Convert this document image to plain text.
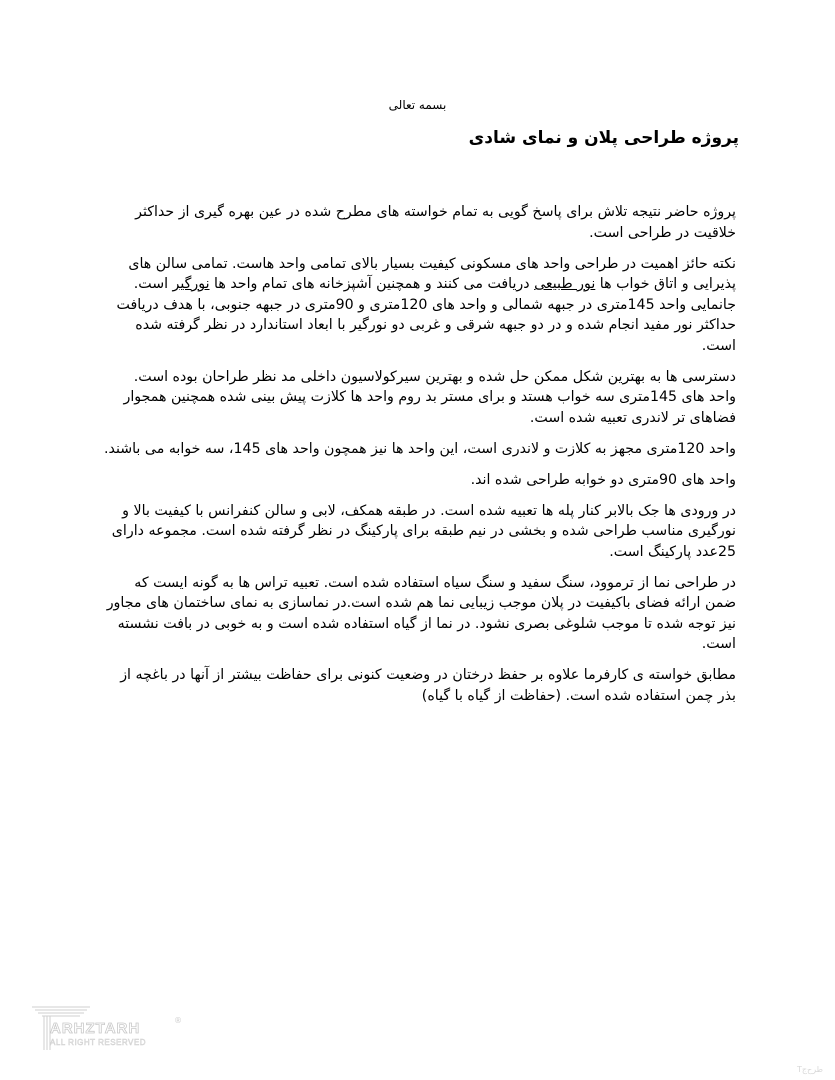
بسمه تعالی
پروژه طراحی پلان و نمای شادی

پروژه حاضر نتیجه تلاش برای پاسخ گویی به تمام خواسته های مطرح شده در عین بهره گیری از حداکثر خلاقیت در طراحی است.

نکته حائز اهمیت در طراحی واحد های مسکونی کیفیت بسیار بالای تمامی واحد هاست. تمامی سالن های پذیرایی و اتاق خواب ها نور طبیعی دریافت می کنند و همچنین آشپزخانه های تمام واحد ها نورگیر است. جانمایی واحد 145متری در جبهه شمالی و واحد های 120متری و 90متری در جبهه جنوبی، با هدف دریافت حداکثر نور مفید انجام شده و در دو جبهه شرقی و غربی دو نورگیر با ابعاد استاندارد در نظر گرفته شده است.

دسترسی ها به بهترین شکل ممکن حل شده و بهترین سیرکولاسیون داخلی مد نظر طراحان بوده است. واحد های 145متری سه خواب هستد و برای مستر بد روم واحد ها کلازت پیش بینی شده همچنین همجوار فضاهای تر لاندری تعبیه شده است.

واحد 120متری مجهز به کلازت و لاندری است، این واحد ها نیز همچون واحد های 145، سه خوابه می باشند.

واحد های 90متری دو خوابه طراحی شده اند.

در ورودی ها جک بالابر کنار پله ها تعبیه شده است. در طبقه همکف، لابی و سالن کنفرانس با کیفیت بالا و نورگیری مناسب طراحی شده و بخشی در نیم طبقه برای پارکینگ در نظر گرفته شده است. مجموعه دارای 25عدد پارکینگ است.

در طراحی نما از ترموود، سنگ سفید و سنگ سیاه استفاده شده است. تعبیه تراس ها به گونه ایست که ضمن ارائه فضای باکیفیت در پلان موجب زیبایی نما هم شده است.در نماسازی به نمای ساختمان های مجاور نیز توجه شده تا موجب شلوغی بصری نشود. در نما از گیاه استفاده شده است و به خوبی در بافت نشسته است.

مطابق خواسته ی کارفرما علاوه بر حفظ درختان در وضعیت کنونی برای حفاظت بیشتر از آنها در باغچه از بذر چمن استفاده شده است. (حفاظت از گیاه با گیاه)

ARHZTARH
ALL RIGHT RESERVED
®
طرح‌ج‌T
